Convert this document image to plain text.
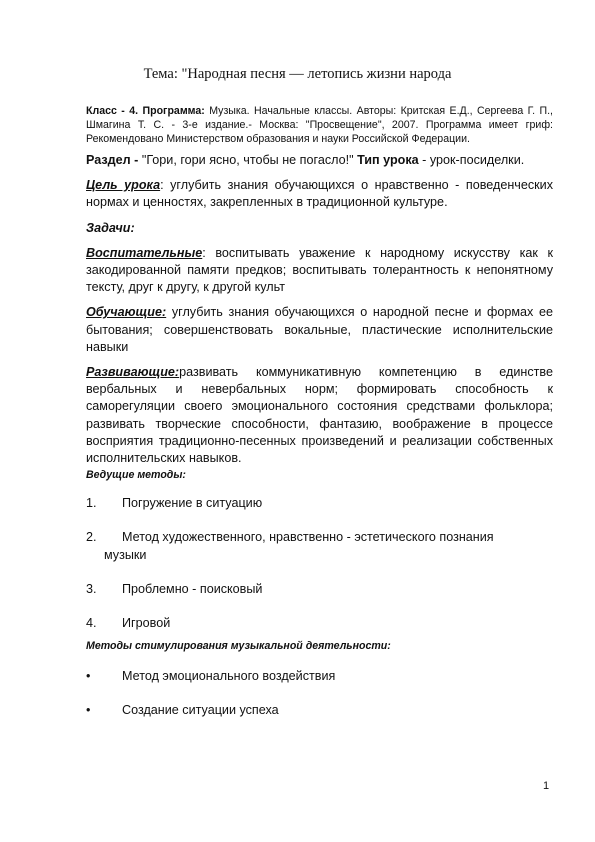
Тема: "Народная песня — летопись жизни народа

Класс - 4. Программа: Музыка. Начальные классы. Авторы: Критская Е.Д., Сергеева Г. П., Шмагина Т. С. - 3-е издание.- Москва: "Просвещение", 2007. Программа имеет гриф: Рекомендовано Министерством образования и науки Российской Федерации.

Раздел - "Гори, гори ясно, чтобы не погасло!" Тип урока - урок-посиделки.

Цель урока: углубить знания обучающихся о нравственно - поведенческих нормах и ценностях, закрепленных в традиционной культуре.

Задачи:

Воспитательные: воспитывать уважение к народному искусству как к закодированной памяти предков; воспитывать толерантность к непонятному тексту, друг к другу, к другой культ

Обучающие: углубить знания обучающихся о народной песне и формах ее бытования; совершенствовать вокальные, пластические исполнительские навыки

Развивающие:развивать коммуникативную компетенцию в единстве вербальных и невербальных норм; формировать способность к саморегуляции своего эмоционального состояния средствами фольклора; развивать творческие способности, фантазию, воображение в процессе восприятия традиционно-песенных произведений и реализации собственных исполнительских навыков.

Ведущие методы:
1. Погружение в ситуацию
2. Метод художественного, нравственно - эстетического познания
музыки
3. Проблемно - поисковый
4. Игровой
Методы стимулирования музыкальной деятельности:
•	Метод эмоционального воздействия
•	Создание ситуации успеха
1
